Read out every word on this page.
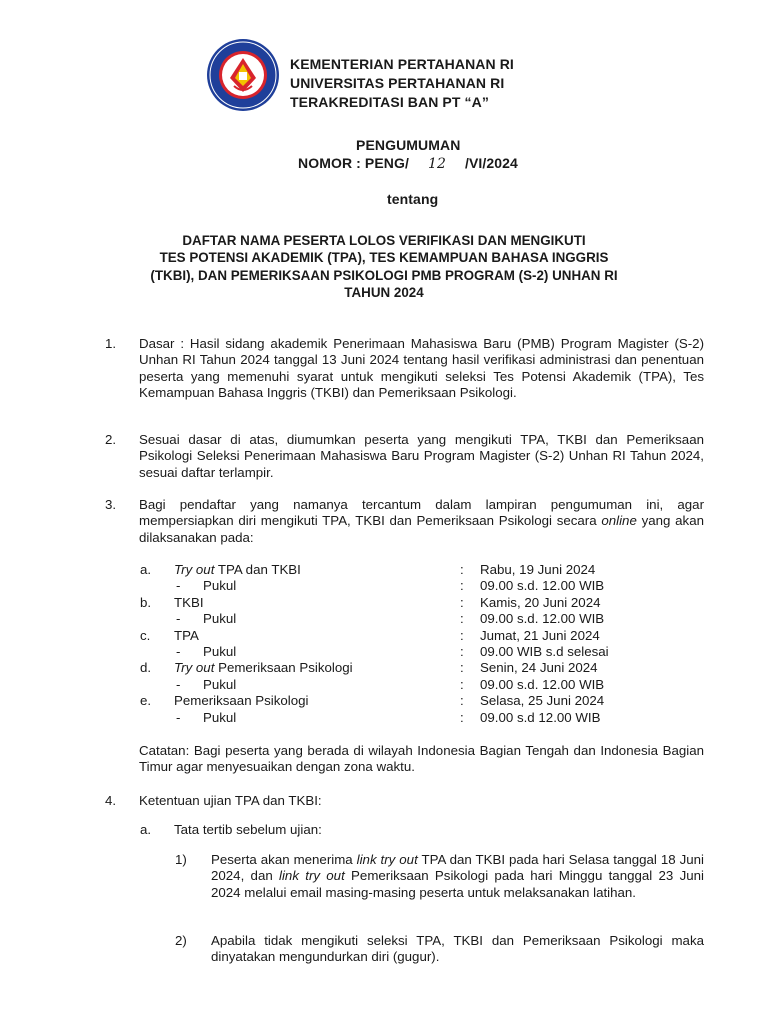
KEMENTERIAN PERTAHANAN RI
UNIVERSITAS PERTAHANAN RI
TERAKREDITASI BAN PT “A”
PENGUMUMAN
NOMOR : PENG/ 12 /VI/2024
tentang
DAFTAR NAMA PESERTA LOLOS VERIFIKASI DAN MENGIKUTI
TES POTENSI AKADEMIK (TPA), TES KEMAMPUAN BAHASA INGGRIS
(TKBI), DAN PEMERIKSAAN PSIKOLOGI PMB PROGRAM (S-2) UNHAN RI
TAHUN 2024
1. Dasar : Hasil sidang akademik Penerimaan Mahasiswa Baru (PMB) Program Magister (S-2) Unhan RI Tahun 2024 tanggal 13 Juni 2024 tentang hasil verifikasi administrasi dan penentuan peserta yang memenuhi syarat untuk mengikuti seleksi Tes Potensi Akademik (TPA), Tes Kemampuan Bahasa Inggris (TKBI) dan Pemeriksaan Psikologi.
2. Sesuai dasar di atas, diumumkan peserta yang mengikuti TPA, TKBI dan Pemeriksaan Psikologi Seleksi Penerimaan Mahasiswa Baru Program Magister (S-2) Unhan RI Tahun 2024, sesuai daftar terlampir.
3. Bagi pendaftar yang namanya tercantum dalam lampiran pengumuman ini, agar mempersiapkan diri mengikuti TPA, TKBI dan Pemeriksaan Psikologi secara online yang akan dilaksanakan pada:
a. Try out TPA dan TKBI	: Rabu, 19 Juni 2024
- Pukul	: 09.00 s.d. 12.00 WIB
b. TKBI	: Kamis, 20 Juni 2024
- Pukul	: 09.00 s.d. 12.00 WIB
c. TPA	: Jumat, 21 Juni 2024
- Pukul	: 09.00 WIB s.d selesai
d. Try out Pemeriksaan Psikologi	: Senin, 24 Juni 2024
- Pukul	: 09.00 s.d. 12.00 WIB
e. Pemeriksaan Psikologi	: Selasa, 25 Juni 2024
- Pukul	: 09.00 s.d 12.00 WIB
Catatan: Bagi peserta yang berada di wilayah Indonesia Bagian Tengah dan Indonesia Bagian Timur agar menyesuaikan dengan zona waktu.
4. Ketentuan ujian TPA dan TKBI:
a. Tata tertib sebelum ujian:
1) Peserta akan menerima link try out TPA dan TKBI pada hari Selasa tanggal 18 Juni 2024, dan link try out Pemeriksaan Psikologi pada hari Minggu tanggal 23 Juni 2024 melalui email masing-masing peserta untuk melaksanakan latihan.
2) Apabila tidak mengikuti seleksi TPA, TKBI dan Pemeriksaan Psikologi maka dinyatakan mengundurkan diri (gugur).
